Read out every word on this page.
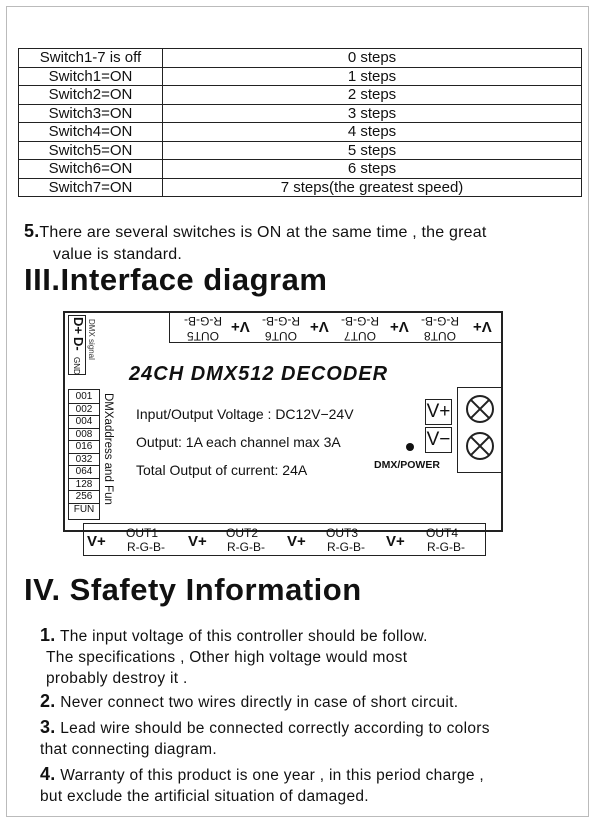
Switch1-7 is off	0 steps
Switch1=ON	1 steps
Switch2=ON	2 steps
Switch3=ON	3 steps
Switch4=ON	4 steps
Switch5=ON	5 steps
Switch6=ON	6 steps
Switch7=ON	7 steps(the greatest speed)
5.There are several switches is ON at the same time , the great
value is standard.
III.Interface diagram
R-G-B-
OUT5
V+	R-G-B-
OUT6
V+	R-G-B-
OUT7
V+	R-G-B-
OUT8
V+
D+
D-
GND
DMX signal
24CH DMX512 DECODER
001
002
004
008
016
032
064
128
256
FUN
DMXaddress and Fun Input/Output Voltage : DC12V−24V
Output: 1A each channel max 3A
Total Output of current: 24A
V+
V−
DMX/POWER
V+	OUT1
R-G-B-	V+	OUT2
R-G-B-	V+	OUT3
R-G-B-	V+	OUT4
R-G-B-
IV. Sfafety Information
1. The input voltage of this controller should be follow.
The specifications , Other high voltage would most
probably destroy it .
2. Never connect two wires directly in case of short circuit.
3. Lead wire should be connected correctly according to colors
that connecting diagram.
4. Warranty of this product is one year , in this period charge ,
but exclude the artificial situation of damaged.
